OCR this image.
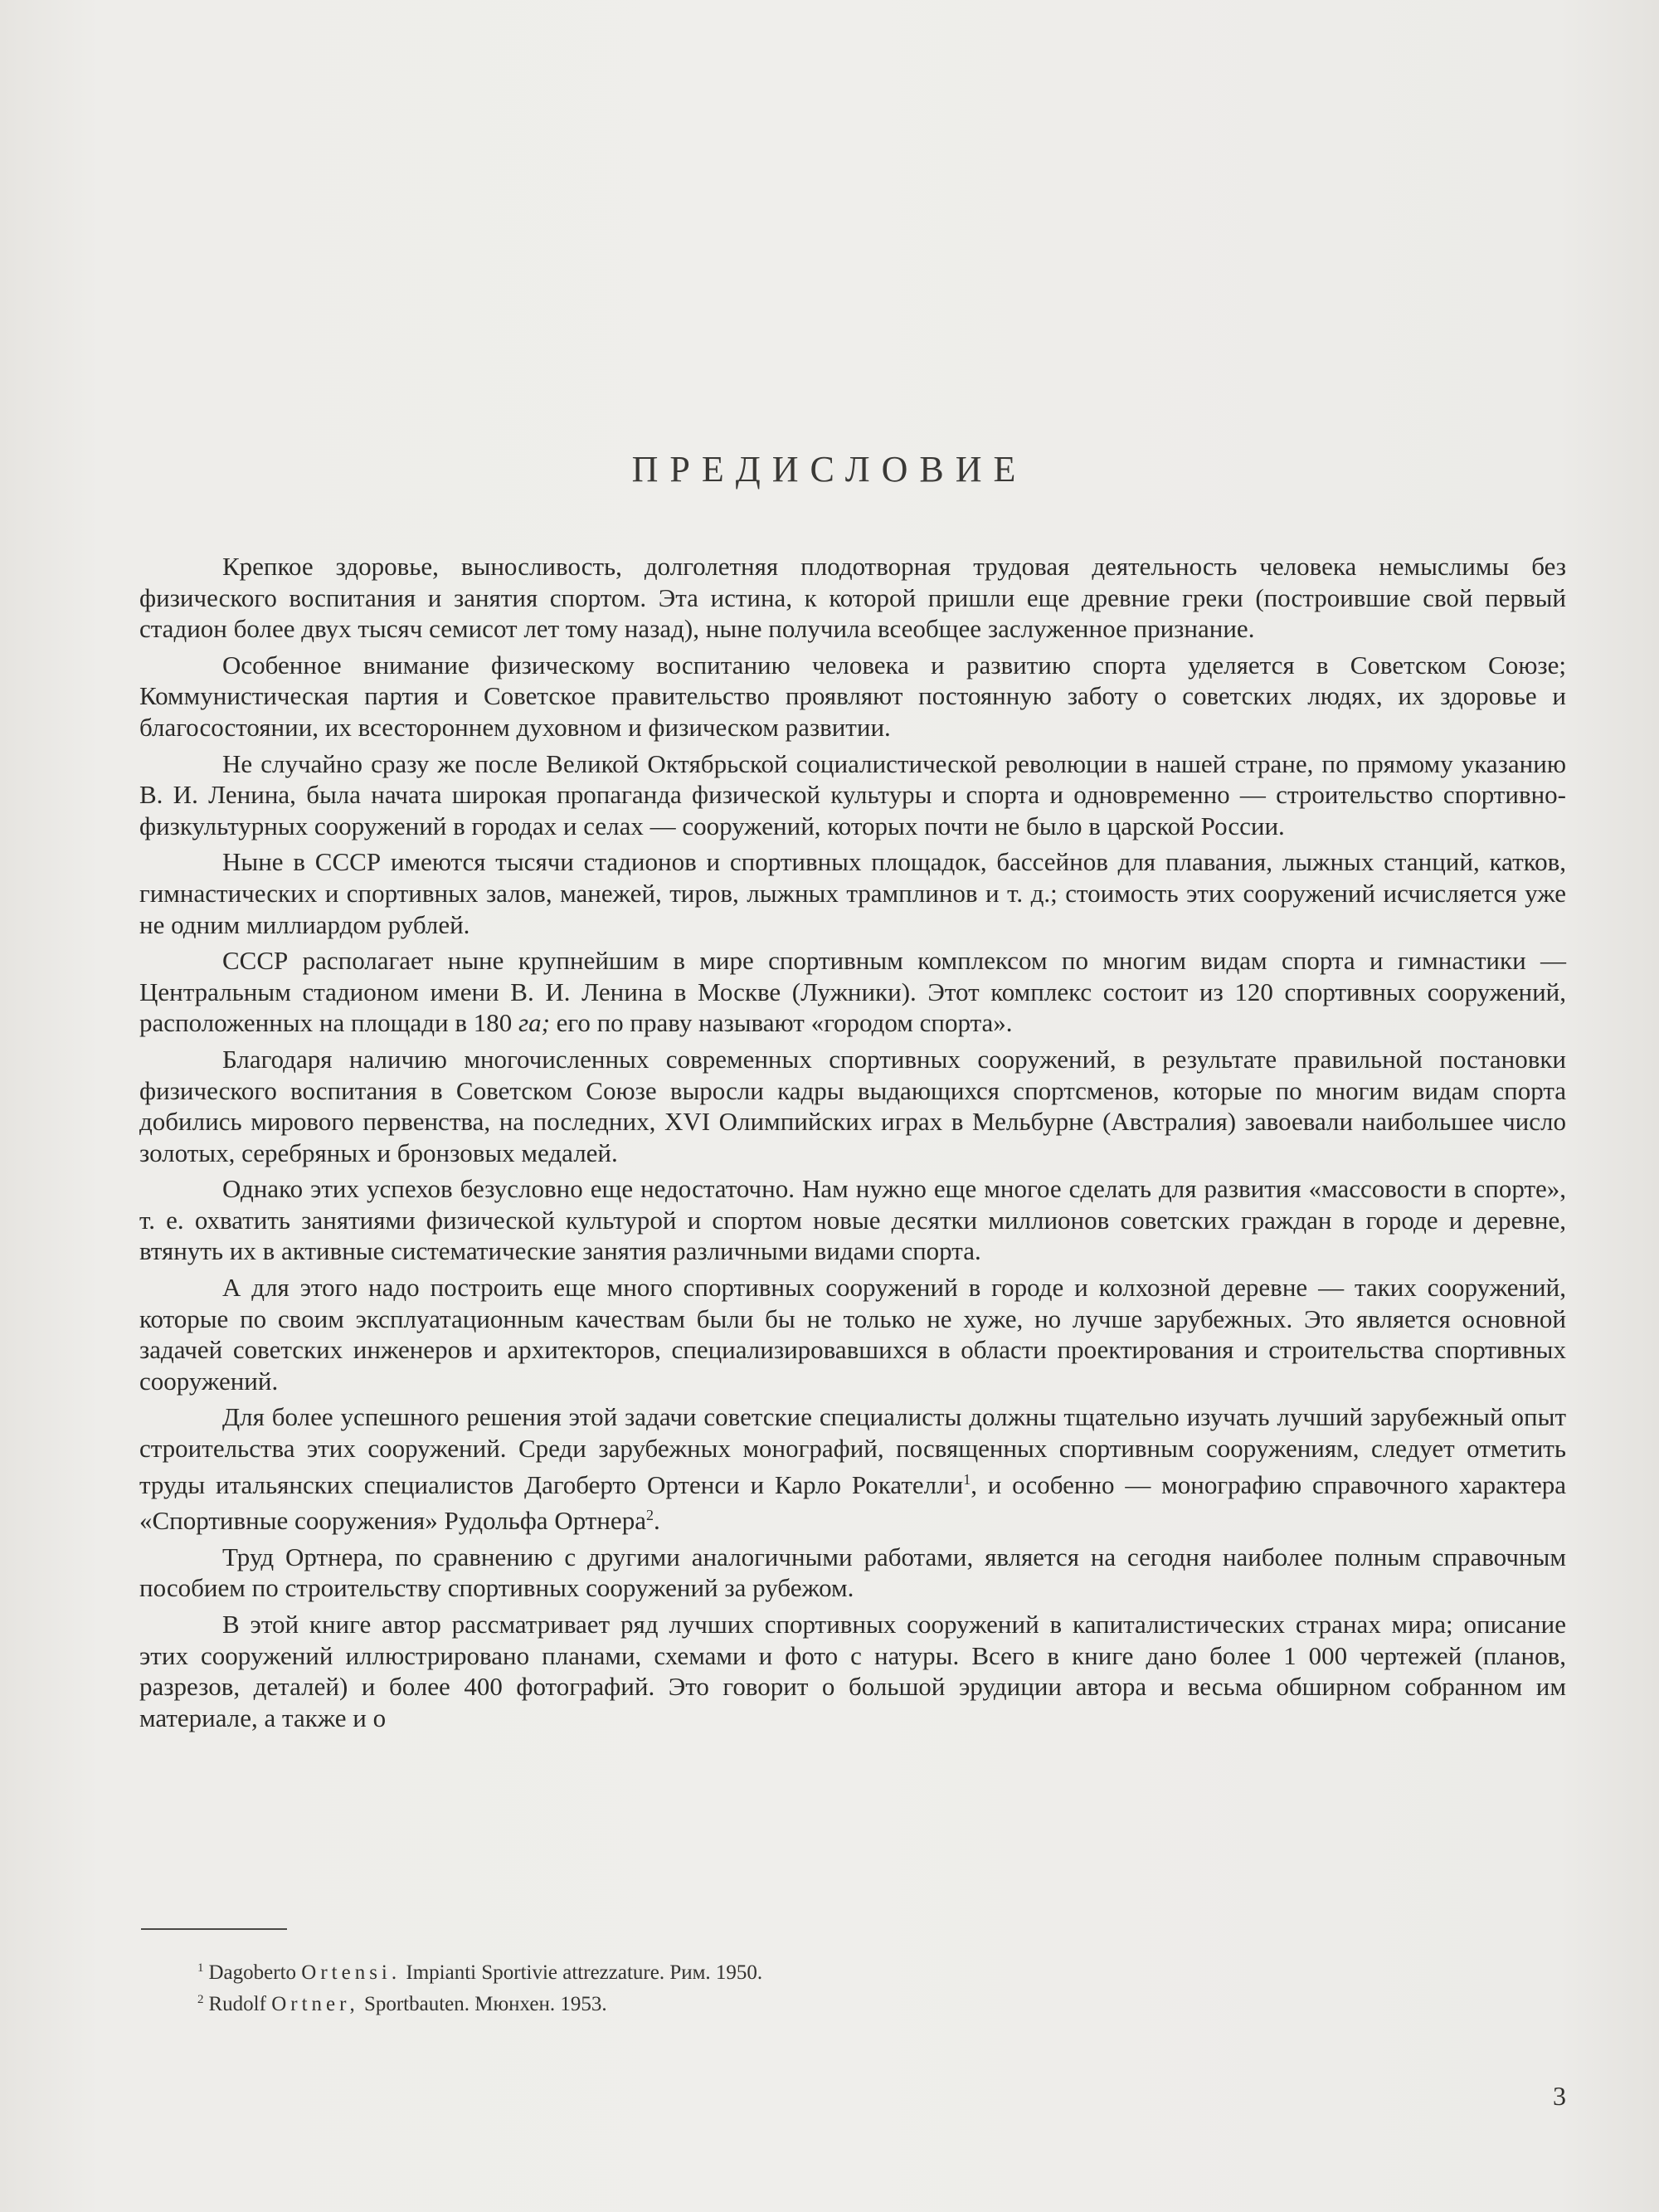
ПРЕДИСЛОВИЕ

Крепкое здоровье, выносливость, долголетняя плодотворная трудовая деятельность человека немыслимы без физического воспитания и занятия спортом. Эта истина, к которой пришли еще древние греки (построившие свой первый стадион более двух тысяч семисот лет тому назад), ныне получила всеобщее заслуженное признание.

Особенное внимание физическому воспитанию человека и развитию спорта уделяется в Советском Союзе; Коммунистическая партия и Советское правительство проявляют постоянную заботу о советских людях, их здоровье и благосостоянии, их всестороннем духовном и физическом развитии.

Не случайно сразу же после Великой Октябрьской социалистической революции в нашей стране, по прямому указанию В. И. Ленина, была начата широкая пропаганда физической культуры и спорта и одновременно — строительство спортивно-физкультурных сооружений в городах и селах — сооружений, которых почти не было в царской России.

Ныне в СССР имеются тысячи стадионов и спортивных площадок, бассейнов для плавания, лыжных станций, катков, гимнастических и спортивных залов, манежей, тиров, лыжных трамплинов и т. д.; стоимость этих сооружений исчисляется уже не одним миллиардом рублей.

СССР располагает ныне крупнейшим в мире спортивным комплексом по многим видам спорта и гимнастики — Центральным стадионом имени В. И. Ленина в Москве (Лужники). Этот комплекс состоит из 120 спортивных сооружений, расположенных на площади в 180 га; его по праву называют «городом спорта».

Благодаря наличию многочисленных современных спортивных сооружений, в результате правильной постановки физического воспитания в Советском Союзе выросли кадры выдающихся спортсменов, которые по многим видам спорта добились мирового первенства, на последних, XVI Олимпийских играх в Мельбурне (Австралия) завоевали наибольшее число золотых, серебряных и бронзовых медалей.

Однако этих успехов безусловно еще недостаточно. Нам нужно еще многое сделать для развития «массовости в спорте», т. е. охватить занятиями физической культурой и спортом новые десятки миллионов советских граждан в городе и деревне, втянуть их в активные систематические занятия различными видами спорта.

А для этого надо построить еще много спортивных сооружений в городе и колхозной деревне — таких сооружений, которые по своим эксплуатационным качествам были бы не только не хуже, но лучше зарубежных. Это является основной задачей советских инженеров и архитекторов, специализировавшихся в области проектирования и строительства спортивных сооружений.

Для более успешного решения этой задачи советские специалисты должны тщательно изучать лучший зарубежный опыт строительства этих сооружений. Среди зарубежных монографий, посвященных спортивным сооружениям, следует отметить труды итальянских специалистов Дагоберто Ортенси и Карло Рокателли$^1$, и особенно — монографию справочного характера «Спортивные сооружения» Рудольфа Ортнера$^2$.

Труд Ортнера, по сравнению с другими аналогичными работами, является на сегодня наиболее полным справочным пособием по строительству спортивных сооружений за рубежом.

В этой книге автор рассматривает ряд лучших спортивных сооружений в капиталистических странах мира; описание этих сооружений иллюстрировано планами, схемами и фото с натуры. Всего в книге дано более 1 000 чертежей (планов, разрезов, деталей) и более 400 фотографий. Это говорит о большой эрудиции автора и весьма обширном собранном им материале, а также и о

$^1$ Dagoberto Ortensi. Impianti Sportivie attrezzature. Рим. 1950.
$^2$ Rudolf Ortner, Sportbauten. Мюнхен. 1953.
3
